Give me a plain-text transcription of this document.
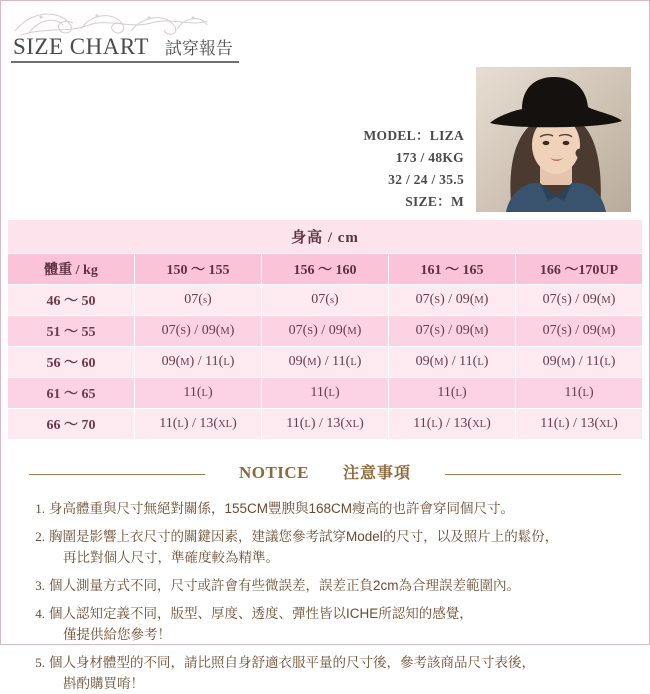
SIZE CHART 試穿報告
MODEL：LIZA
173 / 48KG
32 / 24 / 35.5
SIZE：M
身高 / cm				
體重 / kg	150 ～ 155	156 ～ 160	161 ～ 165	166 ～170UP
46 ～ 50	07(s)	07(s)	07(S) / 09(M)	07(S) / 09(M)
51 ～ 55	07(S) / 09(M)	07(S) / 09(M)	07(S) / 09(M)	07(S) / 09(M)
56 ～ 60	09(M) / 11(L)	09(M) / 11(L)	09(M) / 11(L)	09(M) / 11(L)
61 ～ 65	11(L)	11(L)	11(L)	11(L)
66 ～ 70	11(L) / 13(XL)	11(L) / 13(XL)	11(L) / 13(XL)	11(L) / 13(XL)
NOTICE 注意事項
身高體重與尺寸無絕對關係，155CM豐腴與168CM瘦高的也許會穿同個尺寸。
胸圍是影響上衣尺寸的關鍵因素，建議您參考試穿Model的尺寸，以及照片上的鬆份，
再比對個人尺寸，準確度較為精準。
個人測量方式不同，尺寸或許會有些微誤差，誤差正負2cm為合理誤差範圍內。
個人認知定義不同，版型、厚度、透度、彈性皆以ICHE所認知的感覺，
僅提供給您參考！
個人身材體型的不同，請比照自身舒適衣服平量的尺寸後，參考該商品尺寸表後，
斟酌購買唷！
